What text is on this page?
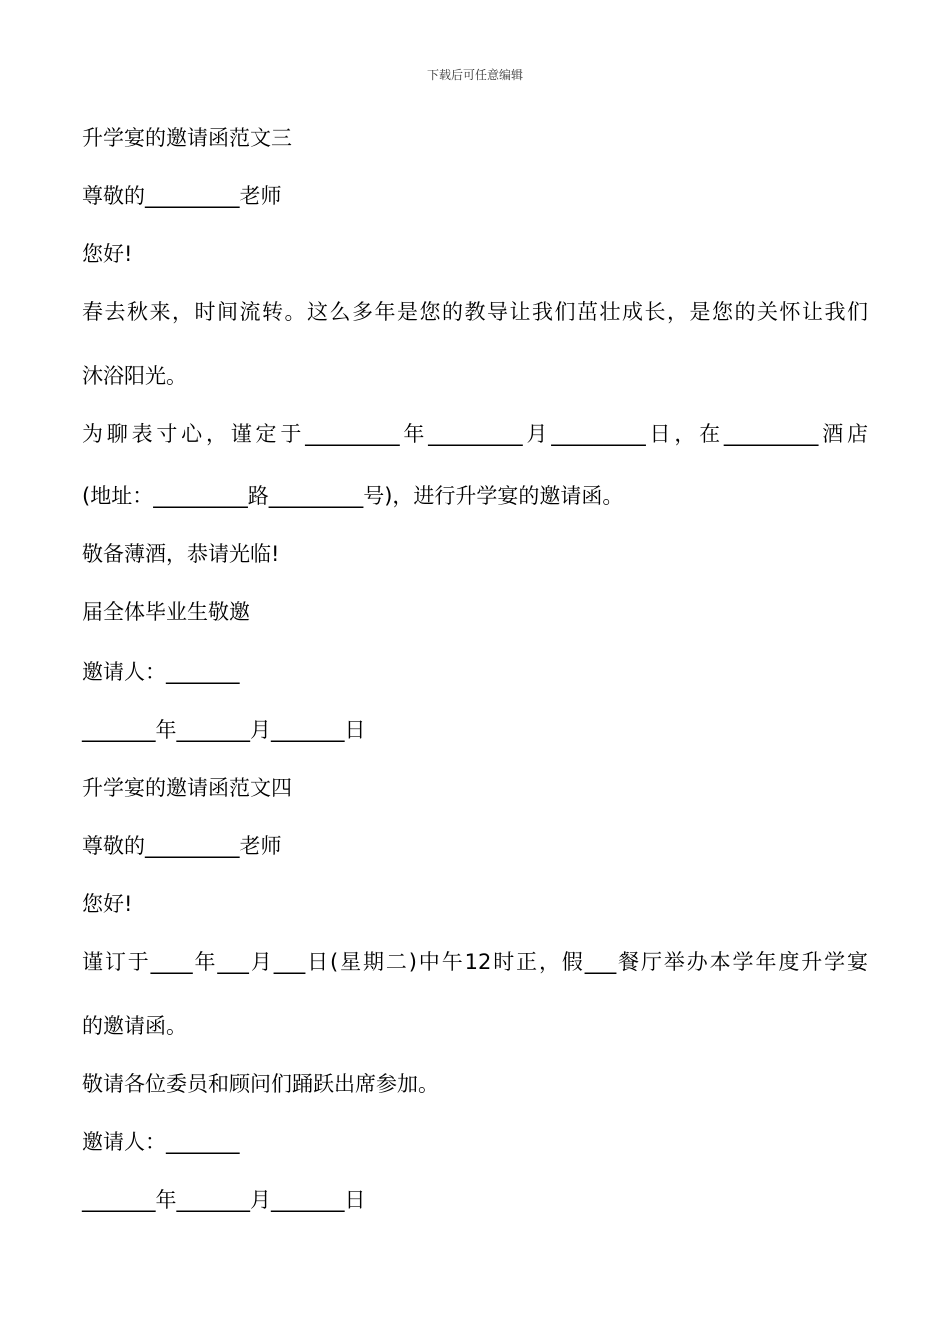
下载后可任意编辑
升学宴的邀请函范文三
尊敬的_________老师
您好!
春去秋来，时间流转。这么多年是您的教导让我们茁壮成长，是您的关怀让我们
沐浴阳光。
为聊表寸心，谨定于_________年_________月_________日，在_________酒店
(地址：_________路_________号)，进行升学宴的邀请函。
敬备薄酒，恭请光临!
届全体毕业生敬邀
邀请人：_______
_______年_______月_______日
升学宴的邀请函范文四
尊敬的_________老师
您好!
谨订于____年___月___日(星期二)中午12时正，假___餐厅举办本学年度升学宴
的邀请函。
敬请各位委员和顾问们踊跃出席参加。
邀请人：_______
_______年_______月_______日
